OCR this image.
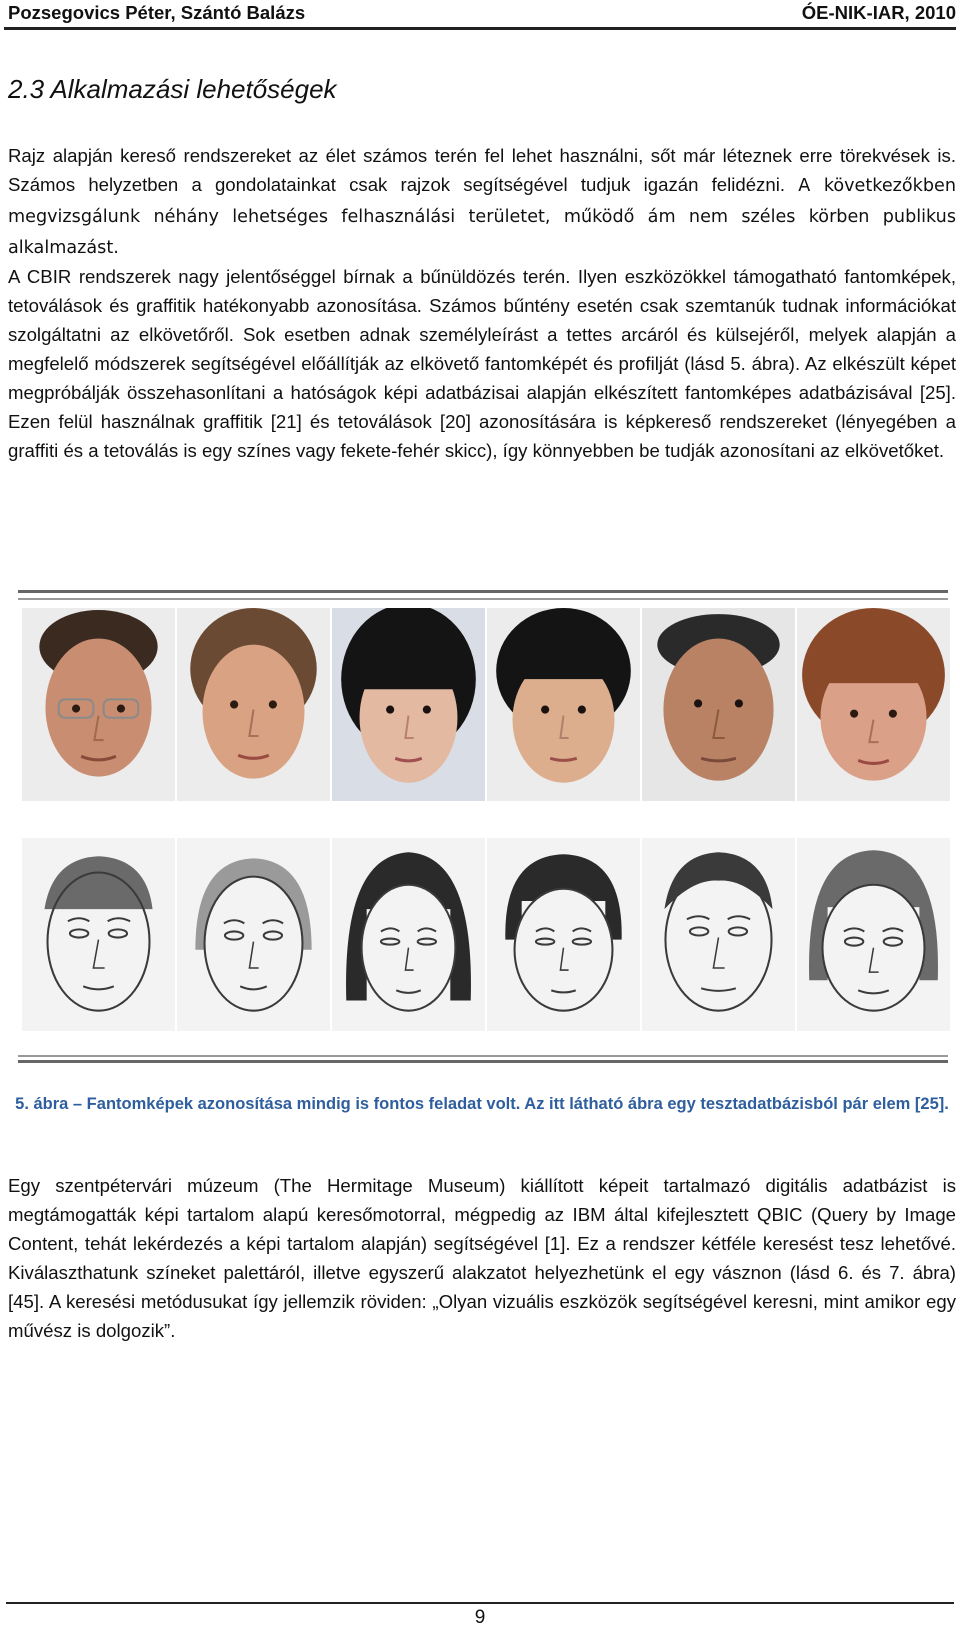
Pozsegovics Péter, Szántó Balázs	ÓE-NIK-IAR, 2010
2.3 Alkalmazási lehetőségek

Rajz alapján kereső rendszereket az élet számos terén fel lehet használni, sőt már léteznek erre törekvések is. Számos helyzetben a gondolatainkat csak rajzok segítségével tudjuk igazán felidézni. A következőkben megvizsgálunk néhány lehetséges felhasználási területet, működő ám nem széles körben publikus alkalmazást.

A CBIR rendszerek nagy jelentőséggel bírnak a bűnüldözés terén. Ilyen eszközökkel támogatható fantomképek, tetoválások és graffitik hatékonyabb azonosítása. Számos bűntény esetén csak szemtanúk tudnak információkat szolgáltatni az elkövetőről. Sok esetben adnak személyleírást a tettes arcáról és külsejéről, melyek alapján a megfelelő módszerek segítségével előállítják az elkövető fantomképét és profilját (lásd 5. ábra). Az elkészült képet megpróbálják összehasonlítani a hatóságok képi adatbázisai alapján elkészített fantomképes adatbázisával [25]. Ezen felül használnak graffitik [21] és tetoválások [20] azonosítására is képkereső rendszereket (lényegében a graffiti és a tetoválás is egy színes vagy fekete-fehér skicc), így könnyebben be tudják azonosítani az elkövetőket.

5. ábra – Fantomképek azonosítása mindig is fontos feladat volt. Az itt látható ábra egy tesztadatbázisból pár elem [25].

Egy szentpétervári múzeum (The Hermitage Museum) kiállított képeit tartalmazó digitális adatbázist is megtámogatták képi tartalom alapú keresőmotorral, mégpedig az IBM által kifejlesztett QBIC (Query by Image Content, tehát lekérdezés a képi tartalom alapján) segítségével [1]. Ez a rendszer kétféle keresést tesz lehetővé. Kiválaszthatunk színeket palettáról, illetve egyszerű alakzatot helyezhetünk el egy vásznon (lásd 6. és 7. ábra) [45]. A keresési metódusukat így jellemzik röviden: „Olyan vizuális eszközök segítségével keresni, mint amikor egy művész is dolgozik”.

9
